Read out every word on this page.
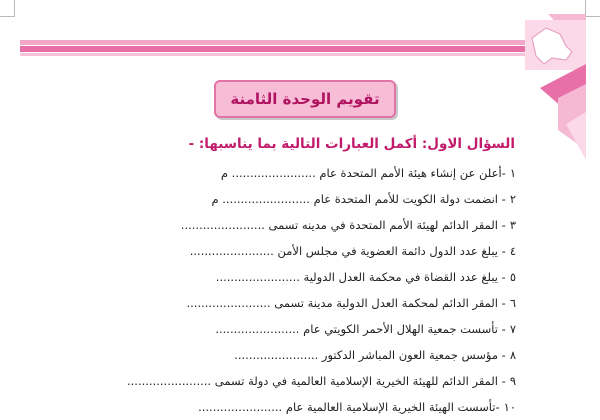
تقويم الوحدة الثامنة
السؤال الاول: أكمل العبارات التالية بما يناسبها: -
١-أعلن عن إنشاء هيئة الأمم المتحدة عام ....................... م
٢- انضمت دولة الكويت للأمم المتحدة عام ........................ م
٣- المقر الدائم لهيئة الأمم المتحدة في مدينه تسمى .......................
٤- يبلغ عدد الدول دائمة العضوية في مجلس الأمن .......................
٥- يبلغ عدد القضاة في محكمة العدل الدولية .......................
٦- المقر الدائم لمحكمة العدل الدولية مدينة تسمى .......................
٧- تأسست جمعية الهلال الأحمر الكويتي عام .......................
٨- مؤسس جمعية العون المباشر الدكتور .......................
٩- المقر الدائم للهيئة الخيرية الإسلامية العالمية في دولة تسمى .......................
١٠-تأسست الهيئة الخيرية الإسلامية العالمية عام .......................
